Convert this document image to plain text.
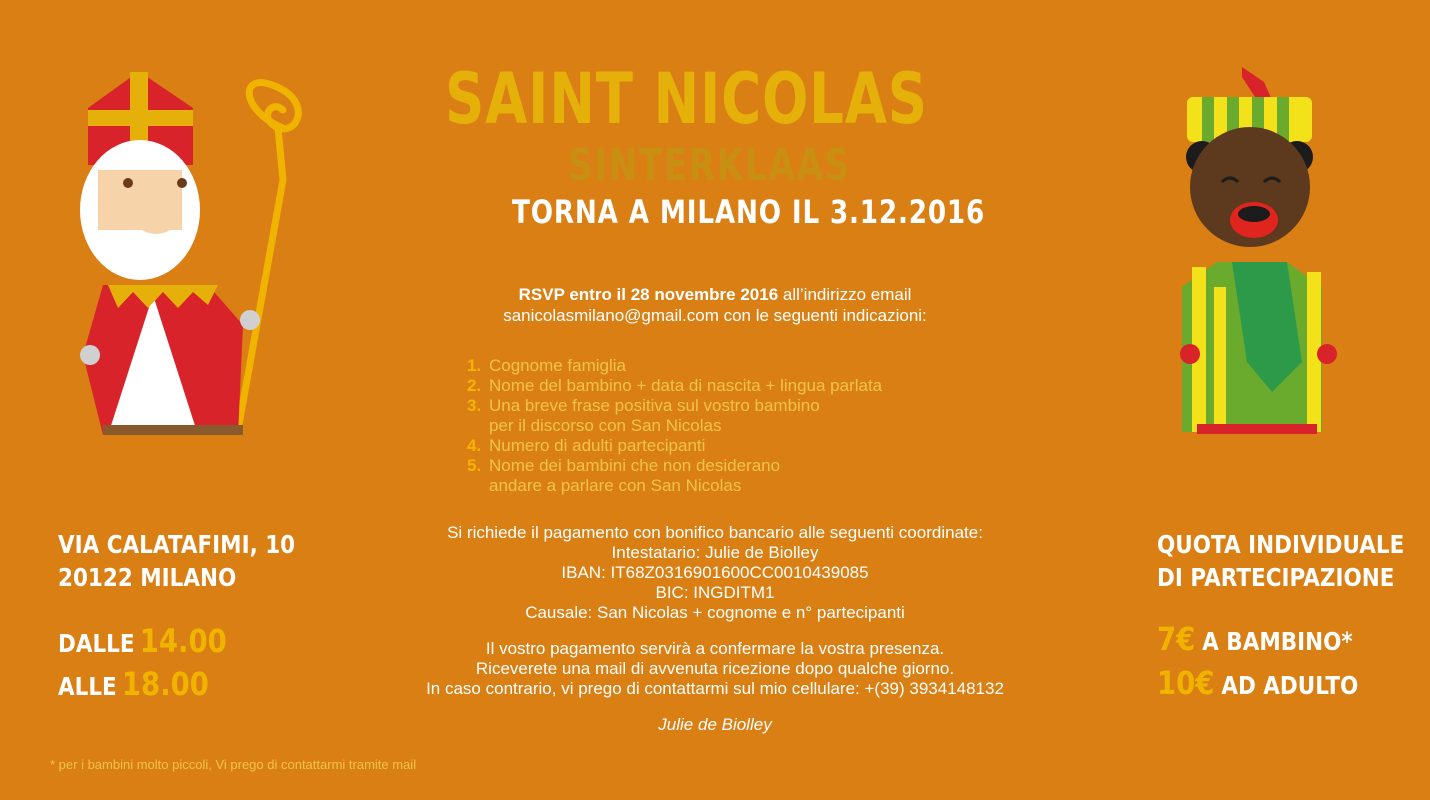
SAINT NICOLAS
SINTERKLAAS
TORNA A MILANO IL 3.12.2016
RSVP entro il 28 novembre 2016 all’indirizzo email
sanicolasmilano@gmail.com con le seguenti indicazioni:
1. Cognome famiglia
2. Nome del bambino + data di nascita + lingua parlata
3. Una breve frase positiva sul vostro bambino
per il discorso con San Nicolas
4. Numero di adulti partecipanti
5. Nome dei bambini che non desiderano
andare a parlare con San Nicolas
Si richiede il pagamento con bonifico bancario alle seguenti coordinate:
Intestatario: Julie de Biolley
IBAN: IT68Z0316901600CC0010439085
BIC: INGDITM1
Causale: San Nicolas + cognome e n° partecipanti
Il vostro pagamento servirà a confermare la vostra presenza.
Riceverete una mail di avvenuta ricezione dopo qualche giorno.
In caso contrario, vi prego di contattarmi sul mio cellulare: +(39) 3934148132
Julie de Biolley
VIA CALATAFIMI, 10
20122 MILANO
DALLE 14.00
ALLE 18.00
QUOTA INDIVIDUALE
DI PARTECIPAZIONE
7€ A BAMBINO*
10€ AD ADULTO
* per i bambini molto piccoli, Vi prego di contattarmi tramite mail
